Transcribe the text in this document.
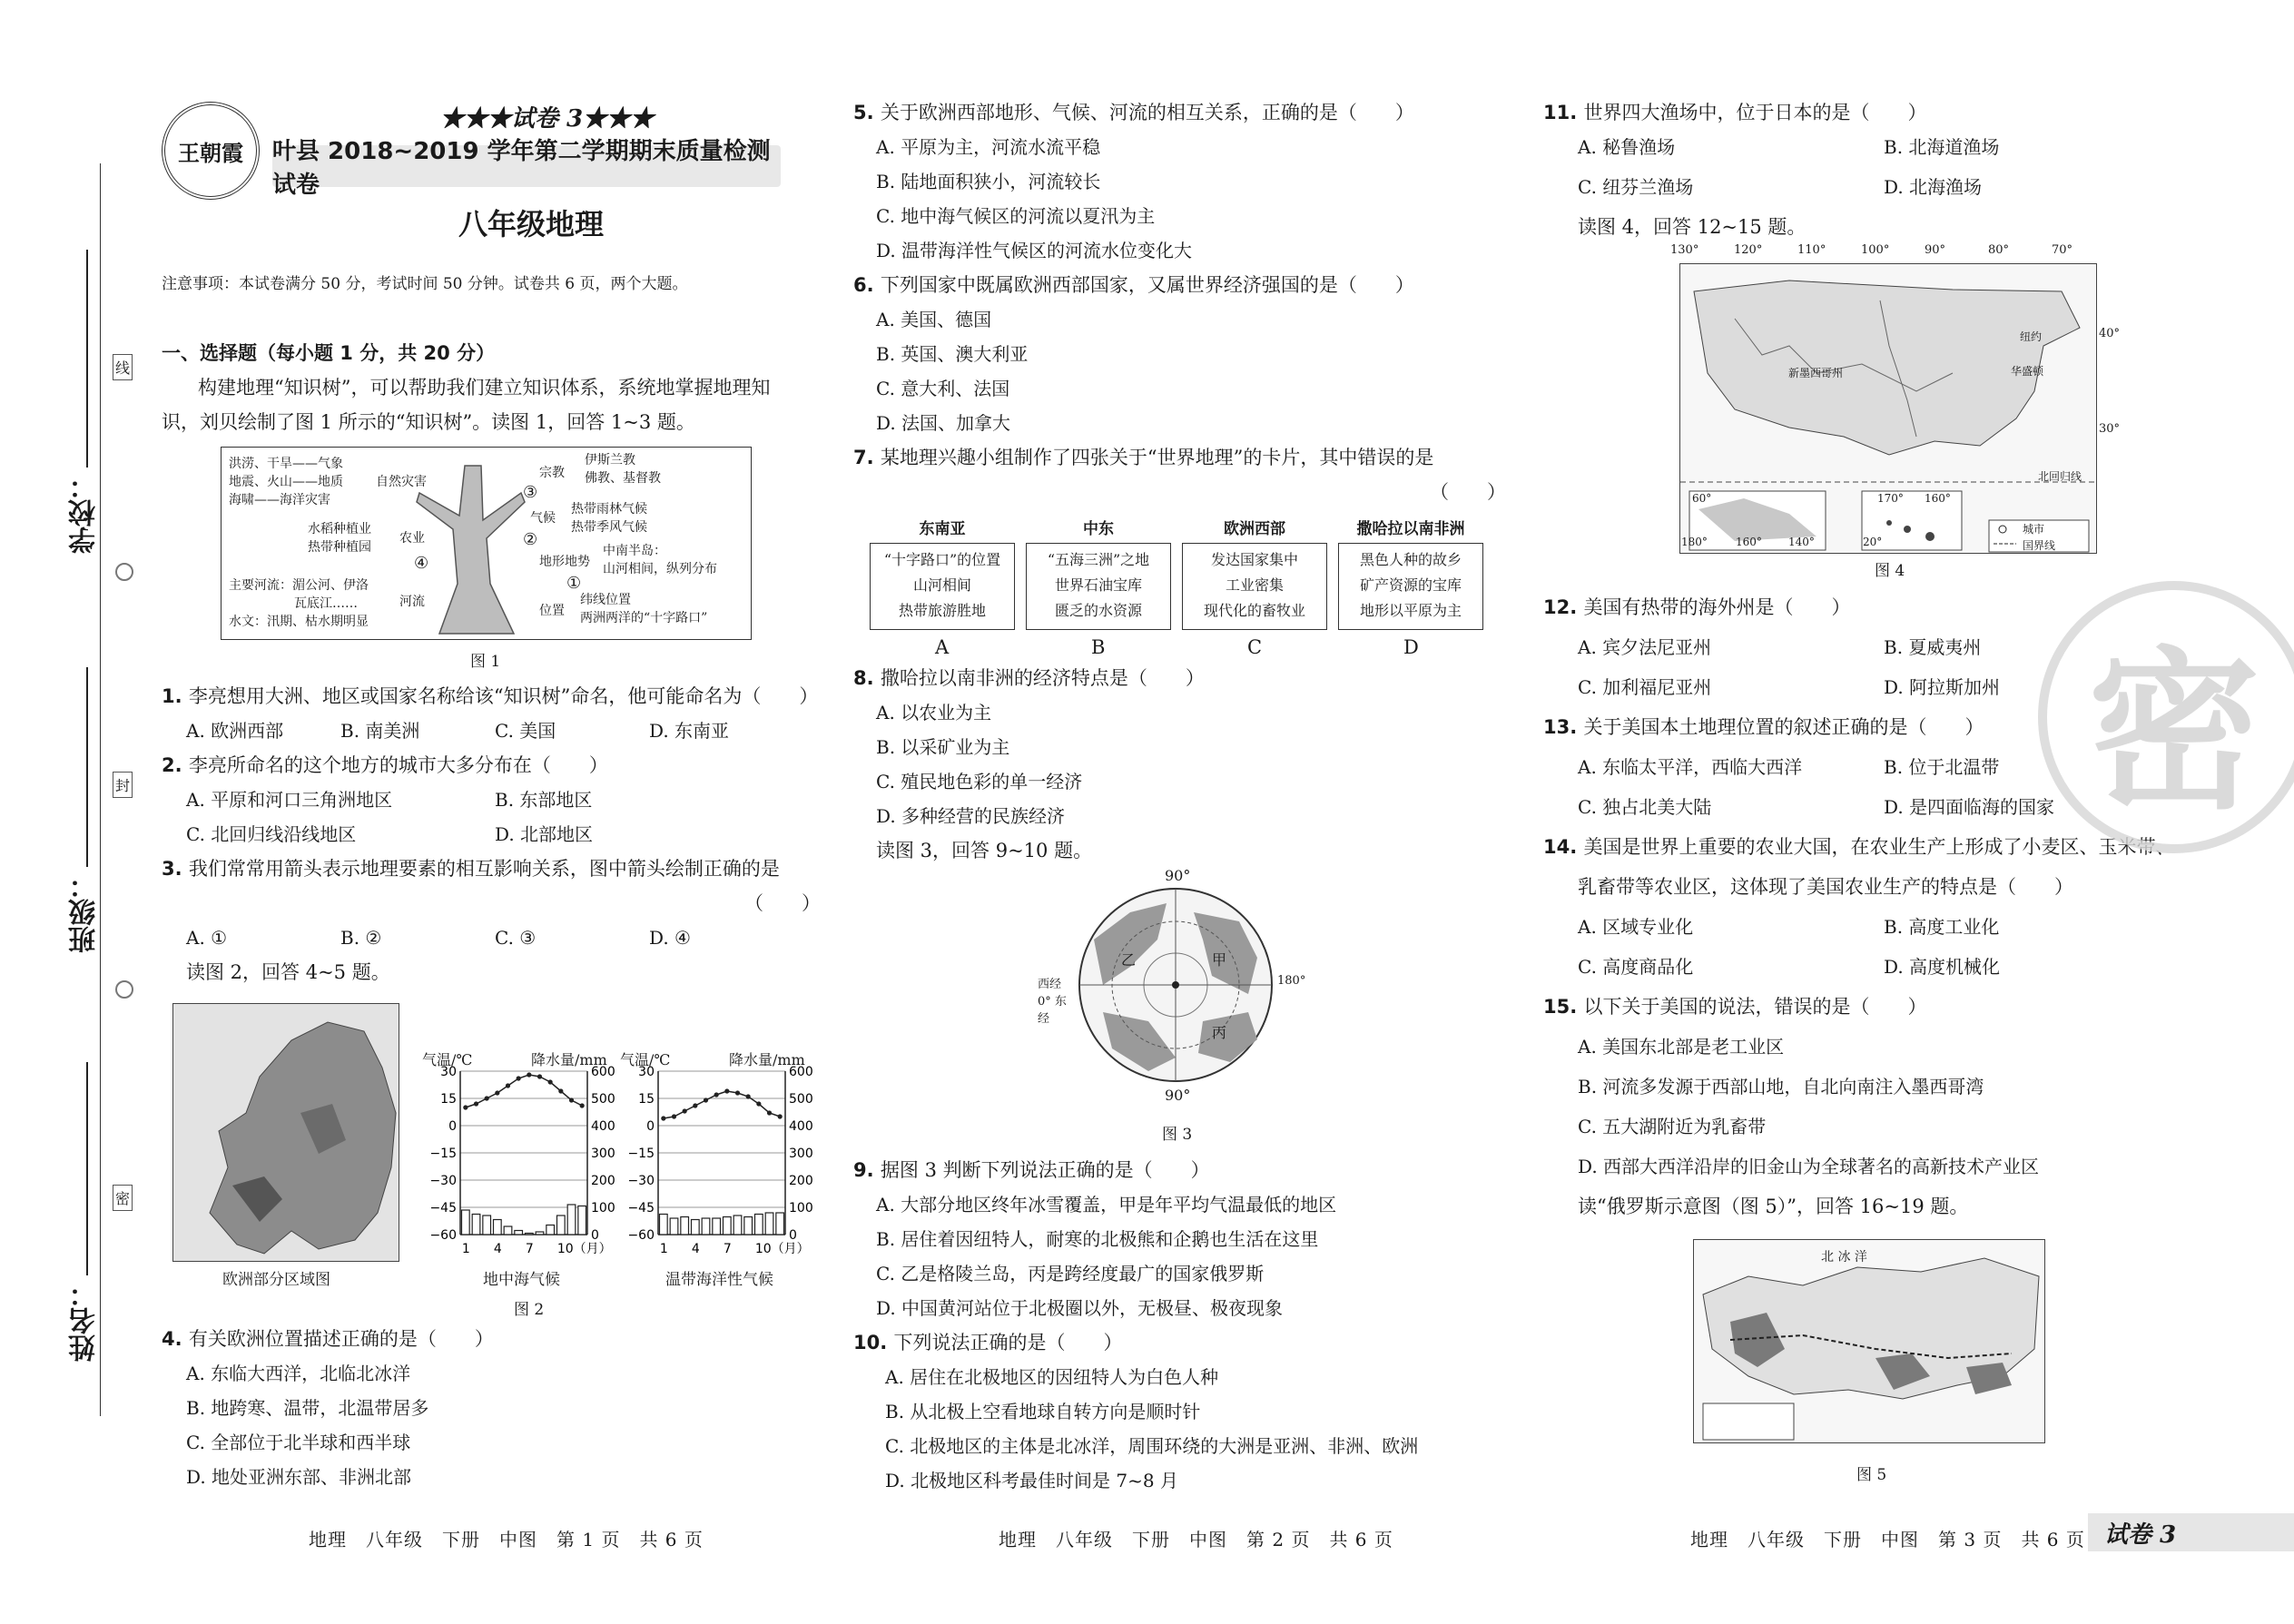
学校：
班级：
姓名：
线
封
密
王朝霞
★★★试卷 3★★★
叶县 2018~2019 学年第二学期期末质量检测试卷
八年级地理
注意事项：本试卷满分 50 分，考试时间 50 分钟。试卷共 6 页，两个大题。
一、选择题（每小题 1 分，共 20 分）
构建地理“知识树”，可以帮助我们建立知识体系，系统地掌握地理知
识，刘贝绘制了图 1 所示的“知识树”。读图 1，回答 1~3 题。
洪涝、干旱——气象
地震、火山——地质
海啸——海洋灾害
自然灾害
水稻种植业
热带种植园
农业
④
主要河流：湄公河、伊洛
瓦底江……
水文：汛期、枯水期明显
河流
③
宗教
伊斯兰教
佛教、基督教
气候
热带雨林气候
热带季风气候
②
地形地势
中南半岛：
山河相间，纵列分布
①
位置
纬线位置
两洲两洋的“十字路口”
图 1
1. 李亮想用大洲、地区或国家名称给该“知识树”命名，他可能命名为（　　）
A. 欧洲西部	B. 南美洲	C. 美国	D. 东南亚
2. 李亮所命名的这个地方的城市大多分布在（　　）
A. 平原和河口三角洲地区	B. 东部地区
C. 北回归线沿线地区	D. 北部地区
3. 我们常常用箭头表示地理要素的相互影响关系，图中箭头绘制正确的是
（　　）
A. ①	B. ②	C. ③	D. ④
读图 2，回答 4~5 题。
欧洲部分区域图
30	600
15	500
0	400
−15	300
−30	200
−45	100
−60	0
1 4 7 10（月）
气温/℃	降水量/mm
地中海气候
30	600
15	500
0	400
−15	300
−30	200
−45	100
−60	0
1 4 7 10（月）
气温/℃	降水量/mm
温带海洋性气候
图 2
4. 有关欧洲位置描述正确的是（　　）
A. 东临大西洋，北临北冰洋
B. 地跨寒、温带，北温带居多
C. 全部位于北半球和西半球
D. 地处亚洲东部、非洲北部
地理　八年级　下册　中图　第 1 页　共 6 页
5. 关于欧洲西部地形、气候、河流的相互关系，正确的是（　　）
A. 平原为主，河流水流平稳
B. 陆地面积狭小，河流较长
C. 地中海气候区的河流以夏汛为主
D. 温带海洋性气候区的河流水位变化大
6. 下列国家中既属欧洲西部国家，又属世界经济强国的是（　　）
A. 美国、德国
B. 英国、澳大利亚
C. 意大利、法国
D. 法国、加拿大
7. 某地理兴趣小组制作了四张关于“世界地理”的卡片，其中错误的是
（　　）
东南亚
“十字路口”的位置
山河相间
热带旅游胜地
A
中东
“五海三洲”之地
世界石油宝库
匮乏的水资源
B
欧洲西部
发达国家集中
工业密集
现代化的畜牧业
C
撒哈拉以南非洲
黑色人种的故乡
矿产资源的宝库
地形以平原为主
D
8. 撒哈拉以南非洲的经济特点是（　　）
A. 以农业为主
B. 以采矿业为主
C. 殖民地色彩的单一经济
D. 多种经营的民族经济
读图 3，回答 9~10 题。
90°
西经 0° 东经
180°
90°
甲
乙
丙
图 3
9. 据图 3 判断下列说法正确的是（　　）
A. 大部分地区终年冰雪覆盖，甲是年平均气温最低的地区
B. 居住着因纽特人，耐寒的北极熊和企鹅也生活在这里
C. 乙是格陵兰岛，丙是跨经度最广的国家俄罗斯
D. 中国黄河站位于北极圈以外，无极昼、极夜现象
10. 下列说法正确的是（　　）
A. 居住在北极地区的因纽特人为白色人种
B. 从北极上空看地球自转方向是顺时针
C. 北极地区的主体是北冰洋，周围环绕的大洲是亚洲、非洲、欧洲
D. 北极地区科考最佳时间是 7~8 月
地理　八年级　下册　中图　第 2 页　共 6 页
11. 世界四大渔场中，位于日本的是（　　）
A. 秘鲁渔场	B. 北海道渔场
C. 纽芬兰渔场	D. 北海渔场
读图 4，回答 12~15 题。
130°	120°	110°	100°	90°	80°	70°
40°
30°
新墨西哥州
纽约
华盛顿
北回归线
城市
国界线
170° 160°
180°	160° 140°	20°
60°
图 4
12. 美国有热带的海外州是（　　）
A. 宾夕法尼亚州	B. 夏威夷州
C. 加利福尼亚州	D. 阿拉斯加州
13. 关于美国本土地理位置的叙述正确的是（　　）
A. 东临太平洋，西临大西洋	B. 位于北温带
C. 独占北美大陆	D. 是四面临海的国家
14. 美国是世界上重要的农业大国，在农业生产上形成了小麦区、玉米带、
乳畜带等农业区，这体现了美国农业生产的特点是（　　）
A. 区域专业化	B. 高度工业化
C. 高度商品化	D. 高度机械化
15. 以下关于美国的说法，错误的是（　　）
A. 美国东北部是老工业区
B. 河流多发源于西部山地，自北向南注入墨西哥湾
C. 五大湖附近为乳畜带
D. 西部大西洋沿岸的旧金山为全球著名的高新技术产业区
读“俄罗斯示意图（图 5）”，回答 16~19 题。
北 冰 洋
图 5
地理　八年级　下册　中图　第 3 页　共 6 页 试卷 3
密
